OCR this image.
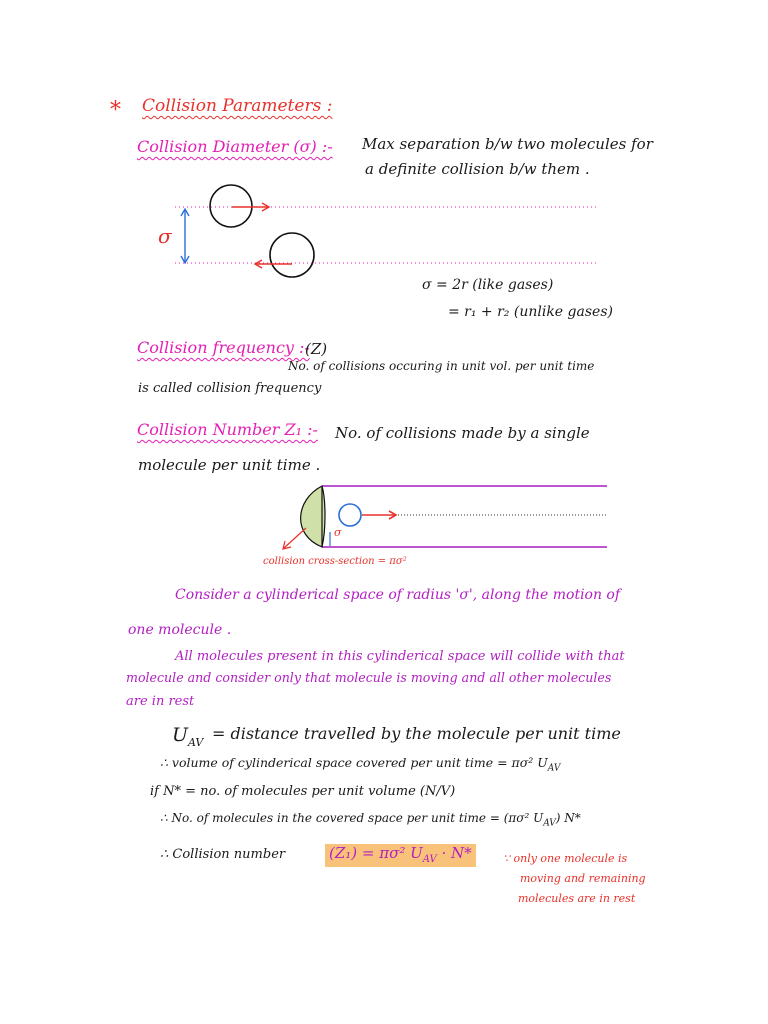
* Collision Parameters :
Collision Diameter (σ) :- Max separation b/w two molecules for
a definite collision b/w them .
σ
σ = 2r (like gases)
= r₁ + r₂ (unlike gases)
Collision frequency :-
(Z)
No. of collisions occuring in unit vol. per unit time
is called collision frequency
Collision Number Z₁ :- No. of collisions made by a single
molecule per unit time .
σ
collision cross-section = πσ²
Consider a cylinderical space of radius 'σ', along the motion of
one molecule .
All molecules present in this cylinderical space will collide with that
molecule and consider only that molecule is moving and all other molecules
are in rest
$U_{AV}$ = distance travelled by the molecule per unit time
∴ volume of cylinderical space covered per unit time = πσ² $U_{AV}$
if N* = no. of molecules per unit volume (N/V)
∴ No. of molecules in the covered space per unit time = (πσ² $U_{AV}$) N*
∴ Collision number	(Z₁) = πσ² $U_{AV} \cdot N*$	∵ only one molecule is
moving and remaining
molecules are in rest
